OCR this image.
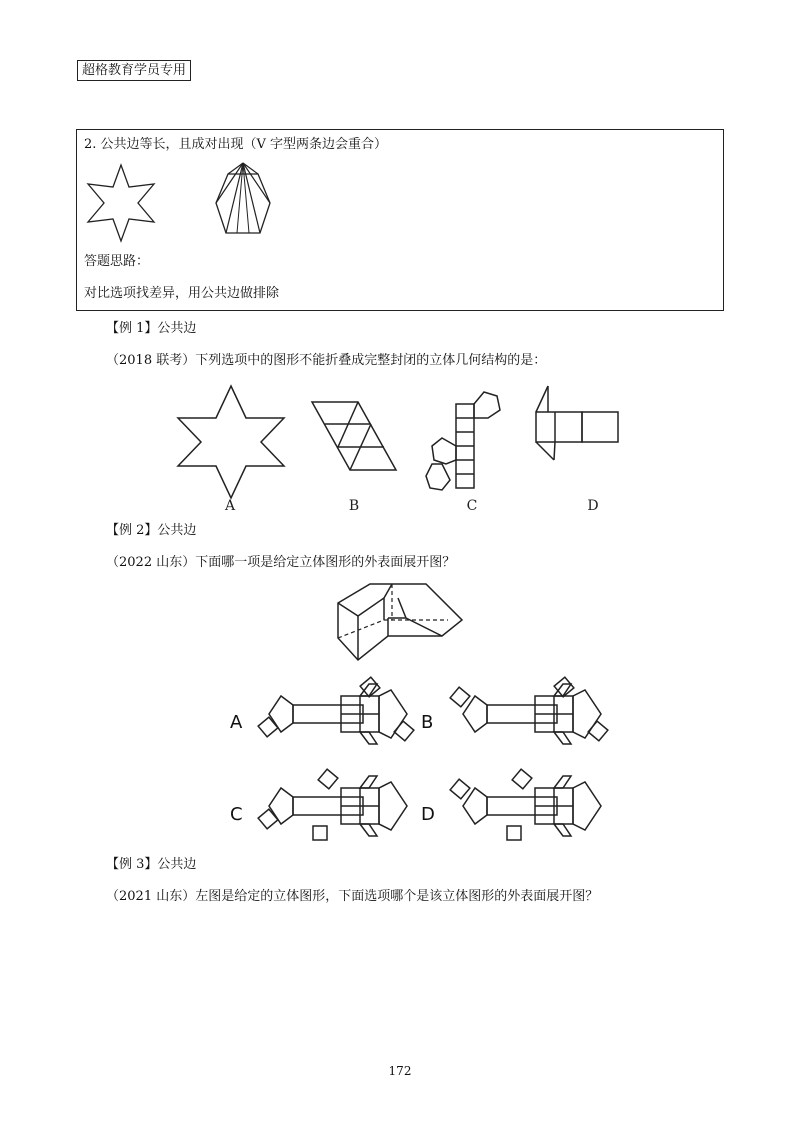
超格教育学员专用
2. 公共边等长，且成对出现（V 字型两条边会重合）
答题思路：
对比选项找差异，用公共边做排除
【例 1】公共边
（2018 联考）下列选项中的图形不能折叠成完整封闭的立体几何结构的是：
A	B	C	D
【例 2】公共边
（2022 山东）下面哪一项是给定立体图形的外表面展开图？
A	B
C	D
【例 3】公共边
（2021 山东）左图是给定的立体图形，下面选项哪个是该立体图形的外表面展开图？
172
